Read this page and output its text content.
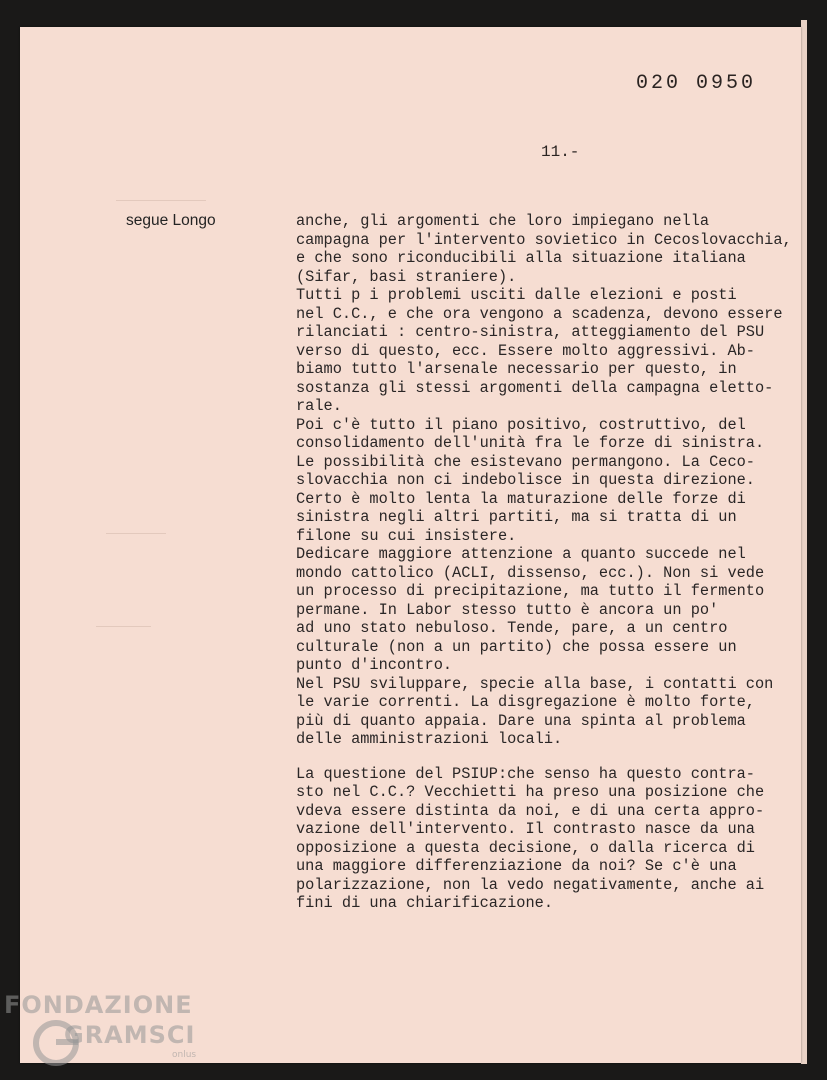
020 0950
11.-
segue Longo	anche, gli argomenti che loro impiegano nella
campagna per l'intervento sovietico in Cecoslovacchia,
e che sono riconducibili alla situazione italiana
(Sifar, basi straniere).
Tutti p i problemi usciti dalle elezioni e posti
nel C.C., e che ora vengono a scadenza, devono essere
rilanciati : centro-sinistra, atteggiamento del PSU
verso di questo, ecc. Essere molto aggressivi. Ab-
biamo tutto l'arsenale necessario per questo, in
sostanza gli stessi argomenti della campagna eletto-
rale.
Poi c'è tutto il piano positivo, costruttivo, del
consolidamento dell'unità fra le forze di sinistra.
Le possibilità che esistevano permangono. La Ceco-
slovacchia non ci indebolisce in questa direzione.
Certo è molto lenta la maturazione delle forze di
sinistra negli altri partiti, ma si tratta di un
filone su cui insistere.
Dedicare maggiore attenzione a quanto succede nel
mondo cattolico (ACLI, dissenso, ecc.). Non si vede
un processo di precipitazione, ma tutto il fermento
permane. In Labor stesso tutto è ancora un po'
ad uno stato nebuloso. Tende, pare, a un centro
culturale (non a un partito) che possa essere un
punto d'incontro.
Nel PSU sviluppare, specie alla base, i contatti con
le varie correnti. La disgregazione è molto forte,
più di quanto appaia. Dare una spinta al problema
delle amministrazioni locali.
La questione del PSIUP:che senso ha questo contra-
sto nel C.C.? Vecchietti ha preso una posizione che
vdeva essere distinta da noi, e di una certa appro-
vazione dell'intervento. Il contrasto nasce da una
opposizione a questa decisione, o dalla ricerca di
una maggiore differenziazione da noi? Se c'è una
polarizzazione, non la vedo negativamente, anche ai
fini di una chiarificazione.
FONDAZIONE
GRAMSCI
onlus
